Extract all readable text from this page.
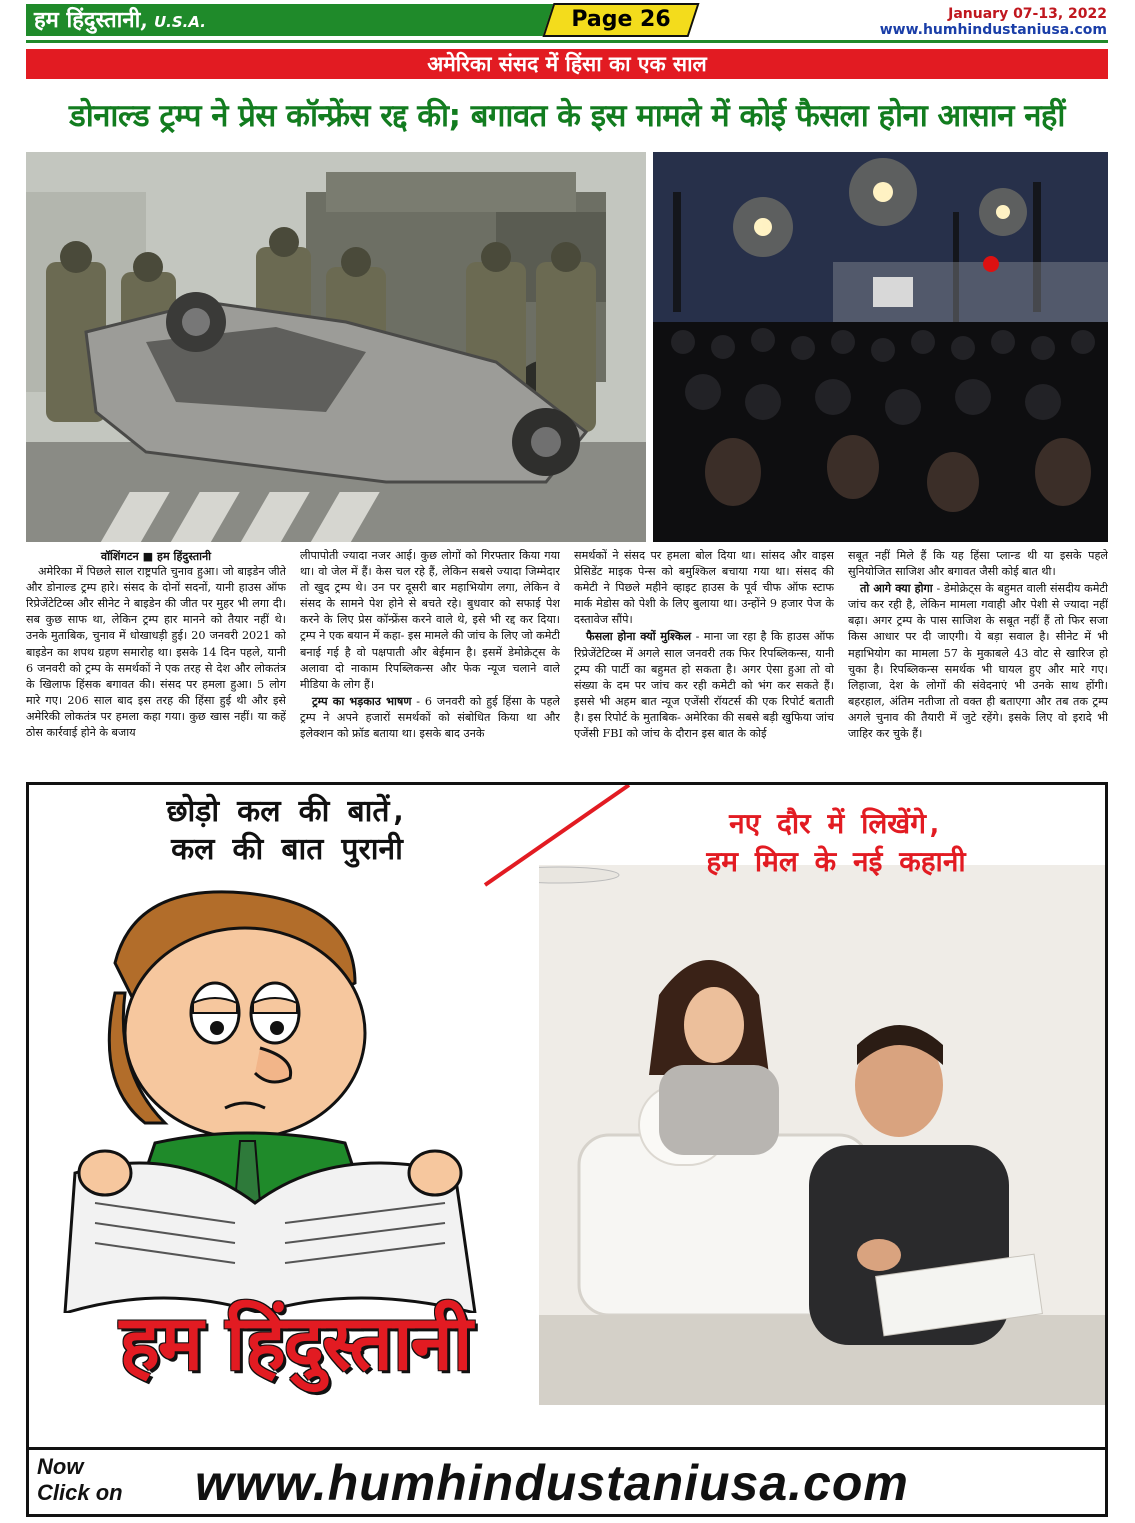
हम हिंदुस्तानी, U.S.A.	Page 26	January 07-13, 2022
www.humhindustaniusa.com
अमेरिका संसद में हिंसा का एक साल
डोनाल्ड ट्रम्प ने प्रेस कॉन्फ्रेंस रद्द की; बगावत के इस मामले में कोई फैसला होना आसान नहीं

वॉशिंगटन ■ हम हिंदुस्तानी

अमेरिका में पिछले साल राष्ट्रपति चुनाव हुआ। जो बाइडेन जीते और डोनाल्ड ट्रम्प हारे। संसद के दोनों सदनों, यानी हाउस ऑफ रिप्रेजेंटेटिव्स और सीनेट ने बाइडेन की जीत पर मुहर भी लगा दी। सब कुछ साफ था, लेकिन ट्रम्प हार मानने को तैयार नहीं थे। उनके मुताबिक, चुनाव में धोखाधड़ी हुई। 20 जनवरी 2021 को बाइडेन का शपथ ग्रहण समारोह था। इसके 14 दिन पहले, यानी 6 जनवरी को ट्रम्प के समर्थकों ने एक तरह से देश और लोकतंत्र के खिलाफ हिंसक बगावत की। संसद पर हमला हुआ। 5 लोग मारे गए। 206 साल बाद इस तरह की हिंसा हुई थी और इसे अमेरिकी लोकतंत्र पर हमला कहा गया। कुछ खास नहीं। या कहें ठोस कार्रवाई होने के बजाय

लीपापोती ज्यादा नजर आई। कुछ लोगों को गिरफ्तार किया गया था। वो जेल में हैं। केस चल रहे हैं, लेकिन सबसे ज्यादा जिम्मेदार तो खुद ट्रम्प थे। उन पर दूसरी बार महाभियोग लगा, लेकिन वे संसद के सामने पेश होने से बचते रहे। बुधवार को सफाई पेश करने के लिए प्रेस कॉन्फ्रेंस करने वाले थे, इसे भी रद्द कर दिया। ट्रम्प ने एक बयान में कहा- इस मामले की जांच के लिए जो कमेटी बनाई गई है वो पक्षपाती और बेईमान है। इसमें डेमोक्रेट्स के अलावा दो नाकाम रिपब्लिकन्स और फेक न्यूज चलाने वाले मीडिया के लोग हैं।

ट्रम्प का भड़काउ भाषण - 6 जनवरी को हुई हिंसा के पहले ट्रम्प ने अपने हजारों समर्थकों को संबोधित किया था और इलेक्शन को फ्रॉड बताया था। इसके बाद उनके

समर्थकों ने संसद पर हमला बोल दिया था। सांसद और वाइस प्रेसिडेंट माइक पेन्स को बमुश्किल बचाया गया था। संसद की कमेटी ने पिछले महीने व्हाइट हाउस के पूर्व चीफ ऑफ स्टाफ मार्क मेडोस को पेशी के लिए बुलाया था। उन्होंने 9 हजार पेज के दस्तावेज सौंपे।

फैसला होना क्यों मुश्किल - माना जा रहा है कि हाउस ऑफ रिप्रेजेंटेटिव्स में अगले साल जनवरी तक फिर रिपब्लिकन्स, यानी ट्रम्प की पार्टी का बहुमत हो सकता है। अगर ऐसा हुआ तो वो संख्या के दम पर जांच कर रही कमेटी को भंग कर सकते हैं। इससे भी अहम बात न्यूज एजेंसी रॉयटर्स की एक रिपोर्ट बताती है। इस रिपोर्ट के मुताबिक- अमेरिका की सबसे बड़ी खुफिया जांच एजेंसी FBI को जांच के दौरान इस बात के कोई

सबूत नहीं मिले हैं कि यह हिंसा प्लान्ड थी या इसके पहले सुनियोजित साजिश और बगावत जैसी कोई बात थी।

तो आगे क्या होगा - डेमोक्रेट्स के बहुमत वाली संसदीय कमेटी जांच कर रही है, लेकिन मामला गवाही और पेशी से ज्यादा नहीं बढ़ा। अगर ट्रम्प के पास साजिश के सबूत नहीं हैं तो फिर सजा किस आधार पर दी जाएगी। ये बड़ा सवाल है। सीनेट में भी महाभियोग का मामला 57 के मुकाबले 43 वोट से खारिज हो चुका है। रिपब्लिकन्स समर्थक भी घायल हुए और मारे गए। लिहाजा, देश के लोगों की संवेदनाएं भी उनके साथ होंगी। बहरहाल, अंतिम नतीजा तो वक्त ही बताएगा और तब तक ट्रम्प अगले चुनाव की तैयारी में जुटे रहेंगे। इसके लिए वो इरादे भी जाहिर कर चुके हैं।

छोड़ो कल की बातें,
कल की बात पुरानी
नए दौर में लिखेंगे,
हम मिल के नई कहानी
हम हिंदुस्तानी
Now
Click on www.humhindustaniusa.com
